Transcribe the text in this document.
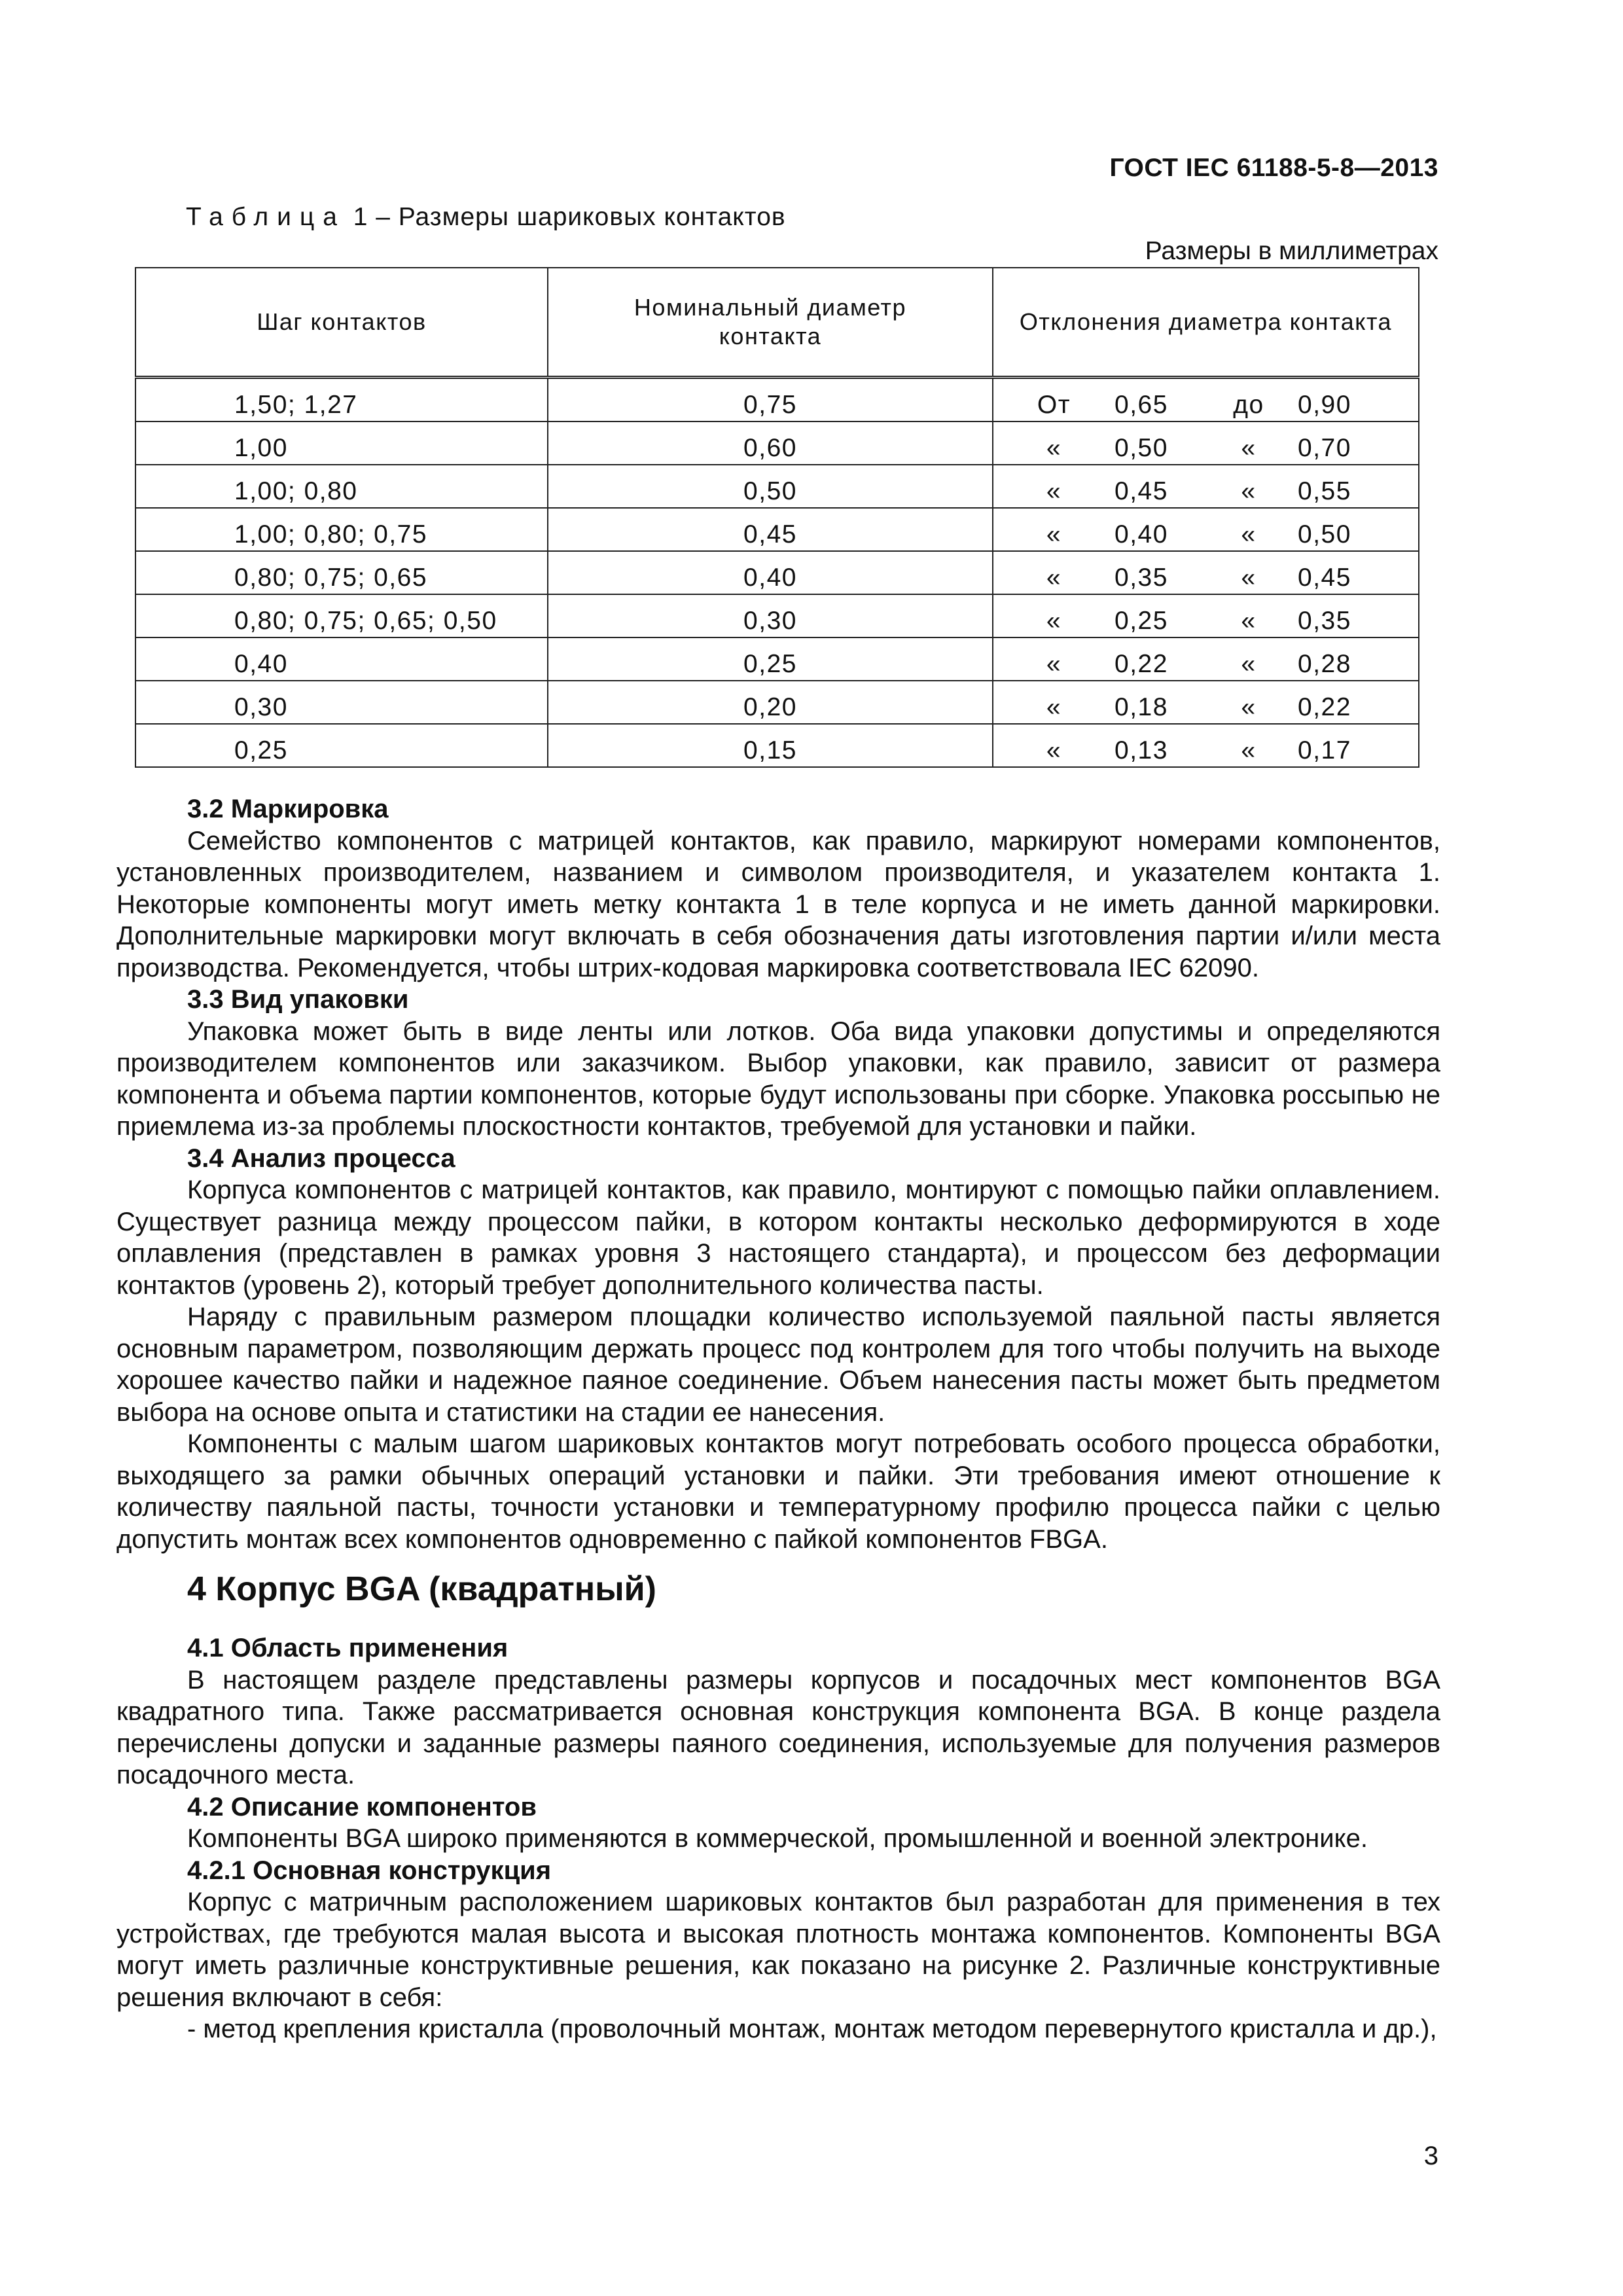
ГОСТ IEC 61188-5-8—2013
Таблица 1 – Размеры шариковых контактов
Размеры в миллиметрах
Шаг контактов	Номинальный диаметр контакта	Отклонения диаметра контакта
1,50; 1,27	0,75	От 0,65 до 0,90

1,00	0,60	« 0,50 « 0,70

1,00; 0,80	0,50	« 0,45 « 0,55

1,00; 0,80; 0,75	0,45	« 0,40 « 0,50

0,80; 0,75; 0,65	0,40	« 0,35 « 0,45

0,80; 0,75; 0,65; 0,50	0,30	« 0,25 « 0,35

0,40	0,25	« 0,22 « 0,28

0,30	0,20	« 0,18 « 0,22

0,25	0,15	« 0,13 « 0,17
3.2 Маркировка

Семейство компонентов с матрицей контактов, как правило, маркируют номерами компонентов, установленных производителем, названием и символом производителя, и указателем контакта 1. Некоторые компоненты могут иметь метку контакта 1 в теле корпуса и не иметь данной маркировки. Дополнительные маркировки могут включать в себя обозначения даты изготовления партии и/или места производства. Рекомендуется, чтобы штрих-кодовая маркировка соответствовала IEC 62090.

3.3 Вид упаковки

Упаковка может быть в виде ленты или лотков. Оба вида упаковки допустимы и определяются производителем компонентов или заказчиком. Выбор упаковки, как правило, зависит от размера компонента и объема партии компонентов, которые будут использованы при сборке. Упаковка россыпью не приемлема из-за проблемы плоскостности контактов, требуемой для установки и пайки.

3.4 Анализ процесса

Корпуса компонентов с матрицей контактов, как правило, монтируют с помощью пайки оплавлением. Существует разница между процессом пайки, в котором контакты несколько деформируются в ходе оплавления (представлен в рамках уровня 3 настоящего стандарта), и процессом без деформации контактов (уровень 2), который требует дополнительного количества пасты.

Наряду с правильным размером площадки количество используемой паяльной пасты является основным параметром, позволяющим держать процесс под контролем для того чтобы получить на выходе хорошее качество пайки и надежное паяное соединение. Объем нанесения пасты может быть предметом выбора на основе опыта и статистики на стадии ее нанесения.

Компоненты с малым шагом шариковых контактов могут потребовать особого процесса обработки, выходящего за рамки обычных операций установки и пайки. Эти требования имеют отношение к количеству паяльной пасты, точности установки и температурному профилю процесса пайки с целью допустить монтаж всех компонентов одновременно с пайкой компонентов FBGA.

4 Корпус BGA (квадратный)
4.1 Область применения

В настоящем разделе представлены размеры корпусов и посадочных мест компонентов BGA квадратного типа. Также рассматривается основная конструкция компонента BGA. В конце раздела перечислены допуски и заданные размеры паяного соединения, используемые для получения размеров посадочного места.

4.2 Описание компонентов

Компоненты BGA широко применяются в коммерческой, промышленной и военной электронике.

4.2.1 Основная конструкция

Корпус с матричным расположением шариковых контактов был разработан для применения в тех устройствах, где требуются малая высота и высокая плотность монтажа компонентов. Компоненты BGA могут иметь различные конструктивные решения, как показано на рисунке 2. Различные конструктивные решения включают в себя:

- метод крепления кристалла (проволочный монтаж, монтаж методом перевернутого кристалла и др.),

3
